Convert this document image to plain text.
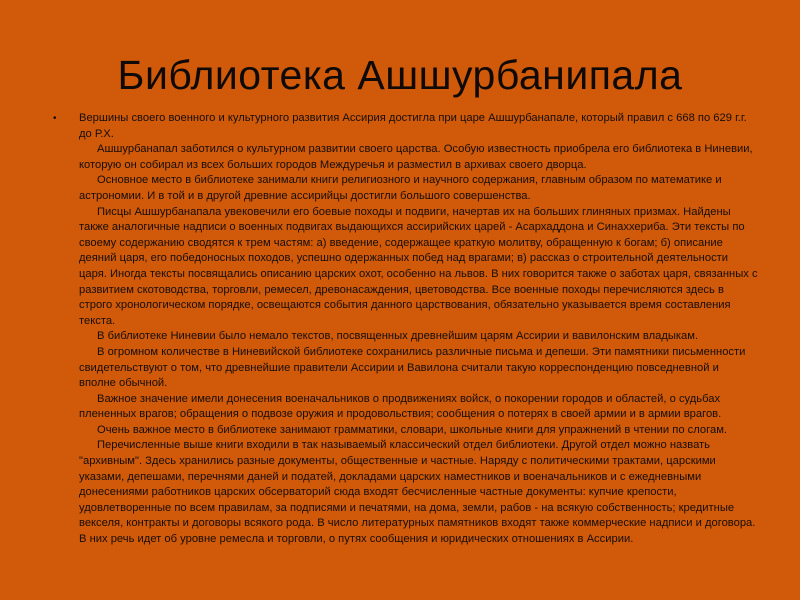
Библиотека Ашшурбанипала
•	Вершины своего военного и культурного развития Ассирия достигла при царе Ашшурбанапале, который правил с 668 по 629 г.г. до Р.Х.

Ашшурбанапал заботился о культурном развитии своего царства. Особую известность приобрела его библиотека в Ниневии, которую он собирал из всех больших городов Междуречья и разместил в архивах своего дворца.

Основное место в библиотеке занимали книги религиозного и научного содержания, главным образом по математике и астрономии. И в той и в другой древние ассирийцы достигли большого совершенства.

Писцы Ашшурбанапала увековечили его боевые походы и подвиги, начертав их на больших глиняных призмах. Найдены также аналогичные надписи о военных подвигах выдающихся ассирийских царей - Асархаддона и Синаххериба. Эти тексты по своему содержанию сводятся к трем частям: а) введение, содержащее краткую молитву, обращенную к богам; б) описание деяний царя, его победоносных походов, успешно одержанных побед над врагами; в) рассказ о строительной деятельности царя. Иногда тексты посвящались описанию царских охот, особенно на львов. В них говорится также о заботах царя, связанных с развитием скотоводства, торговли, ремесел, древонасаждения, цветоводства. Все военные походы перечисляются здесь в строго хронологическом порядке, освещаются события данного царствования, обязательно указывается время составления текста.

В библиотеке Ниневии было немало текстов, посвященных древнейшим царям Ассирии и вавилонским владыкам.

В огромном количестве в Ниневийской библиотеке сохранились различные письма и депеши. Эти памятники письменности свидетельствуют о том, что древнейшие правители Ассирии и Вавилона считали такую корреспонденцию повседневной и вполне обычной.

Важное значение имели донесения военачальников о продвижениях войск, о покорении городов и областей, о судьбах плененных врагов; обращения о подвозе оружия и продовольствия; сообщения о потерях в своей армии и в армии врагов.

Очень важное место в библиотеке занимают грамматики, словари, школьные книги для упражнений в чтении по слогам.

Перечисленные выше книги входили в так называемый классический отдел библиотеки. Другой отдел можно назвать "архивным". Здесь хранились разные документы, общественные и частные. Наряду с политическими трактами, царскими указами, депешами, перечнями даней и податей, докладами царских наместников и военачальников и с ежедневными донесениями работников царских обсерваторий сюда входят бесчисленные частные документы: купчие крепости, удовлетворенные по всем правилам, за подписями и печатями, на дома, земли, рабов - на всякую собственность; кредитные векселя, контракты и договоры всякого рода. В число литературных памятников входят также коммерческие надписи и договора. В них речь идет об уровне ремесла и торговли, о путях сообщения и юридических отношениях в Ассирии.
